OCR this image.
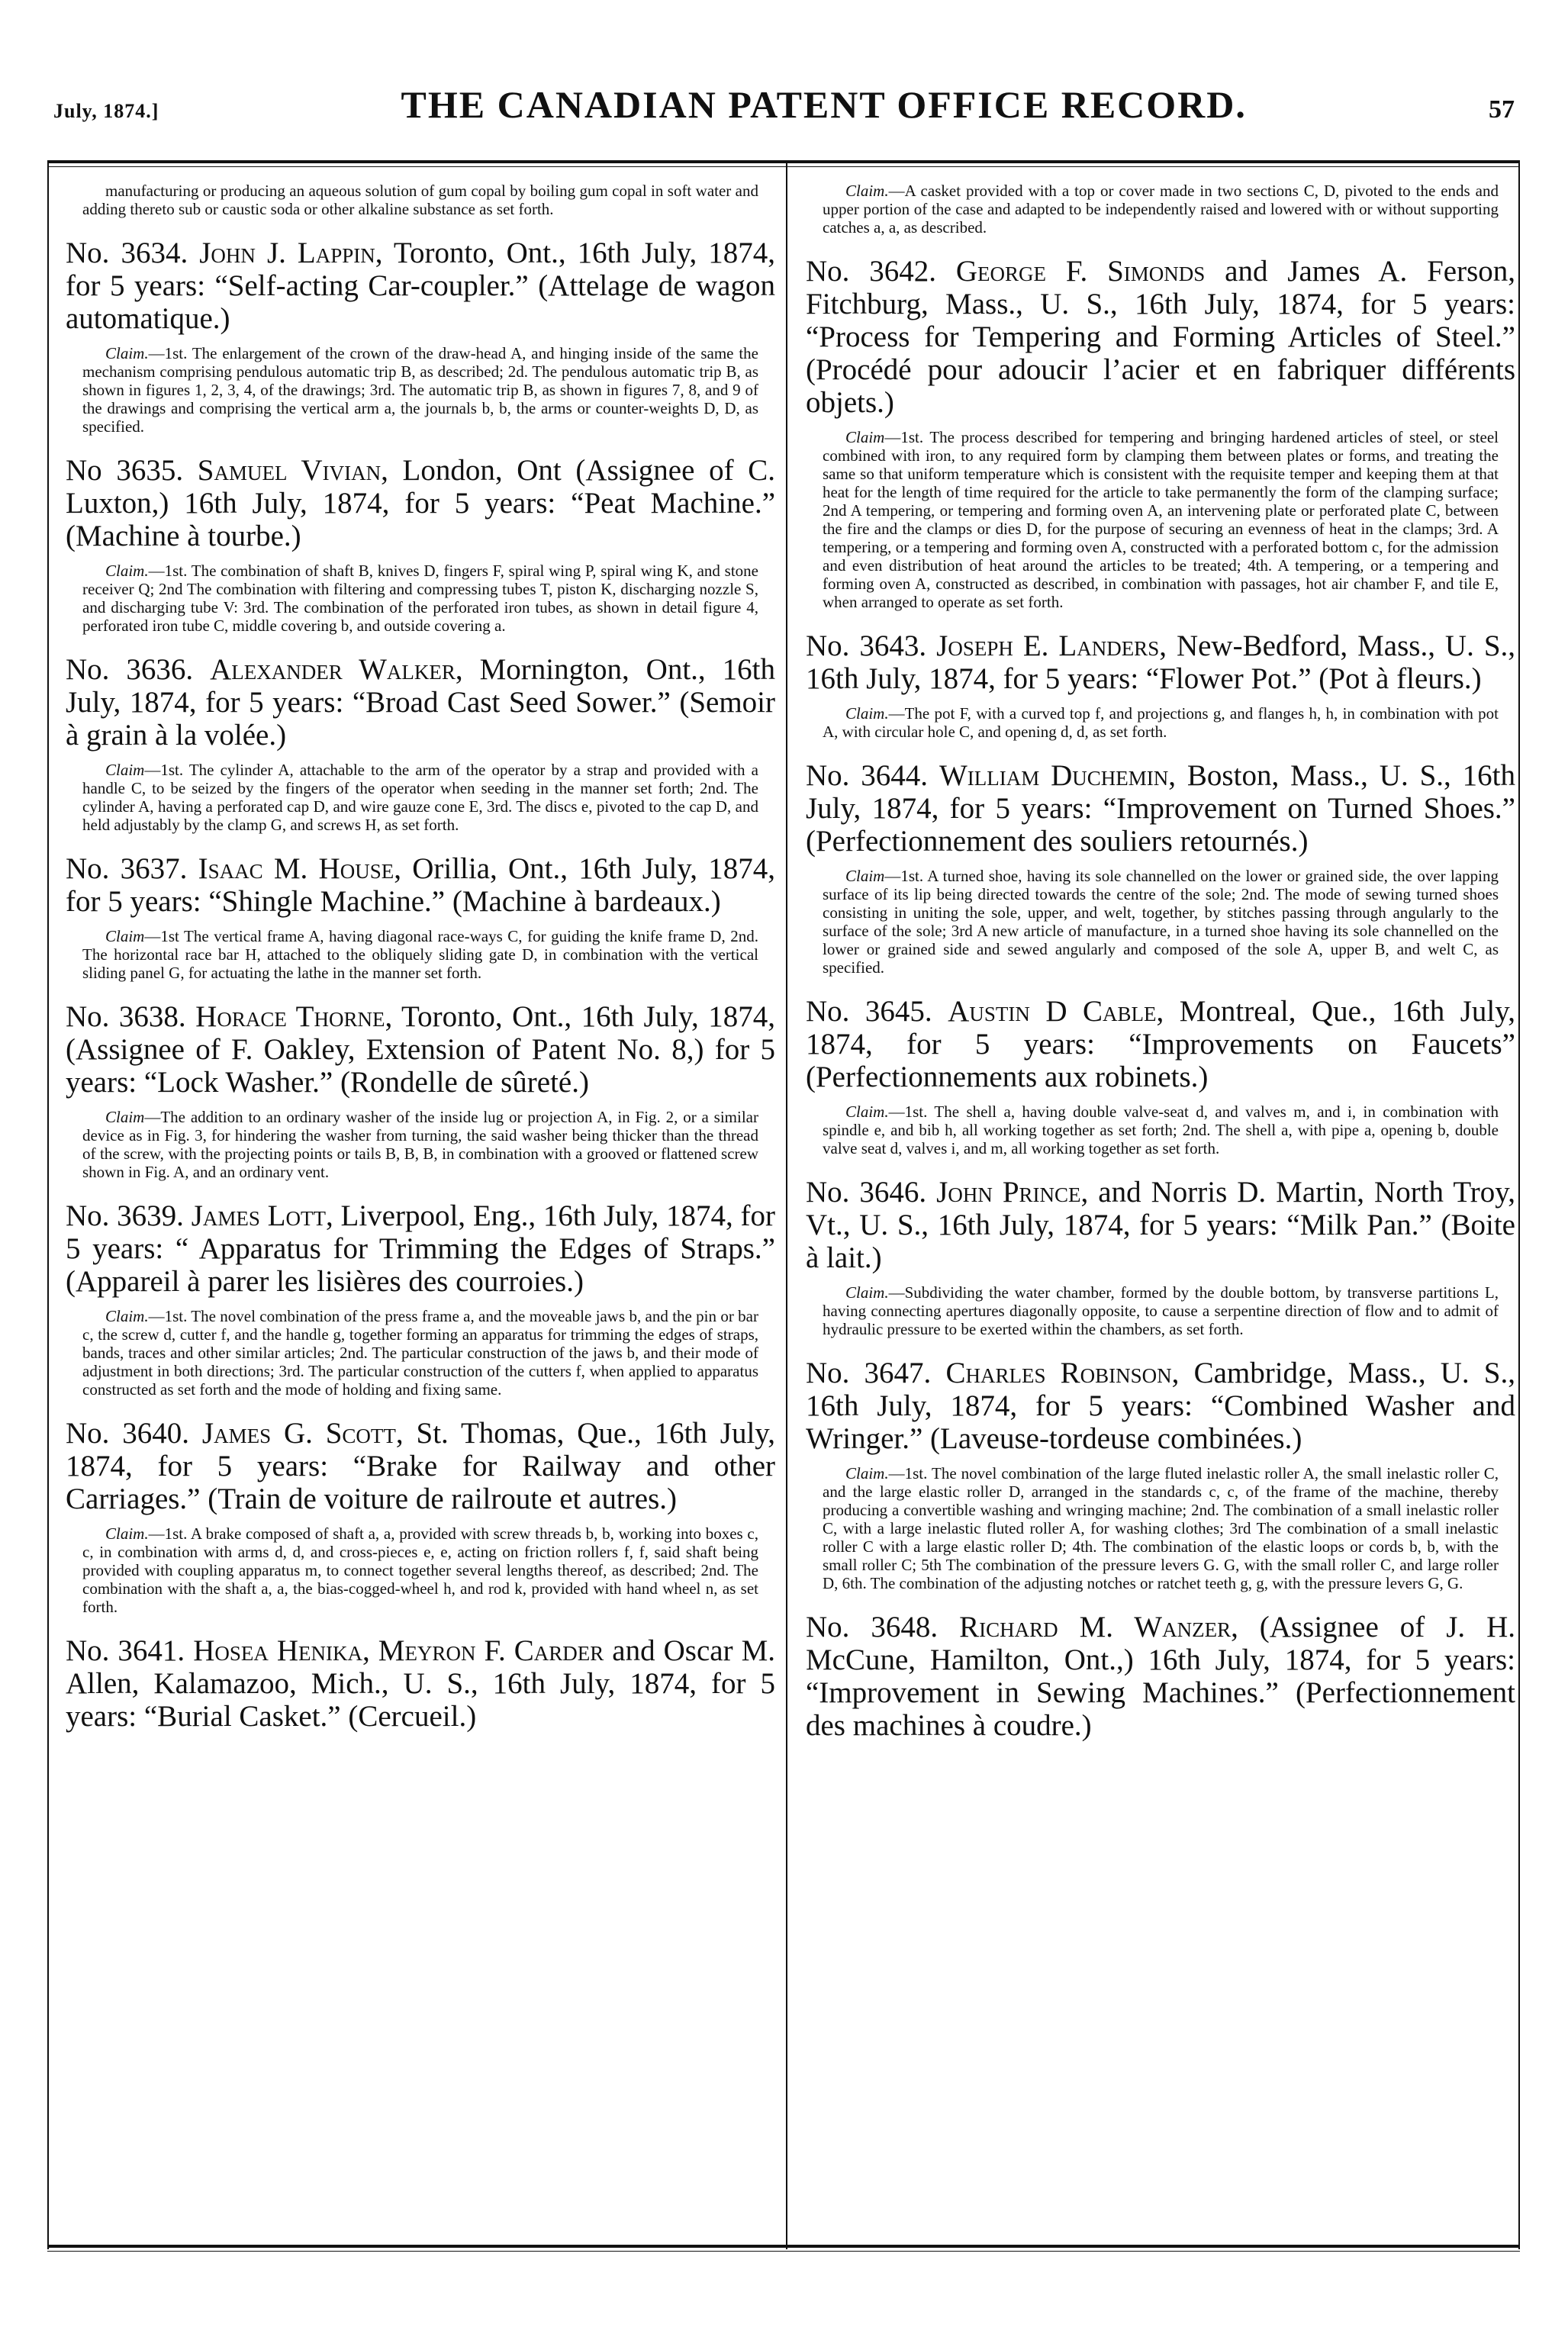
July, 1874.]	THE CANADIAN PATENT OFFICE RECORD.	57

manufacturing or producing an aqueous solution of gum copal by boiling gum copal in soft water and adding thereto sub or caustic soda or other alkaline substance as set forth.

No. 3634. John J. Lappin, Toronto, Ont., 16th July, 1874, for 5 years: “Self-acting Car-coupler.” (Attelage de wagon automatique.)

Claim.—1st. The enlargement of the crown of the draw-head A, and hinging inside of the same the mechanism comprising pendulous automatic trip B, as described; 2d. The pendulous automatic trip B, as shown in figures 1, 2, 3, 4, of the drawings; 3rd. The automatic trip B, as shown in figures 7, 8, and 9 of the drawings and comprising the vertical arm a, the journals b, b, the arms or counter-weights D, D, as specified.

No 3635. Samuel Vivian, London, Ont (Assignee of C. Luxton,) 16th July, 1874, for 5 years: “Peat Machine.” (Machine à tourbe.)

Claim.—1st. The combination of shaft B, knives D, fingers F, spiral wing P, spiral wing K, and stone receiver Q; 2nd The combination with filtering and compressing tubes T, piston K, discharging nozzle S, and discharging tube V: 3rd. The combination of the perforated iron tubes, as shown in detail figure 4, perforated iron tube C, middle covering b, and outside covering a.

No. 3636. Alexander Walker, Mornington, Ont., 16th July, 1874, for 5 years: “Broad Cast Seed Sower.” (Semoir à grain à la volée.)

Claim—1st. The cylinder A, attachable to the arm of the operator by a strap and provided with a handle C, to be seized by the fingers of the operator when seeding in the manner set forth; 2nd. The cylinder A, having a perforated cap D, and wire gauze cone E, 3rd. The discs e, pivoted to the cap D, and held adjustably by the clamp G, and screws H, as set forth.

No. 3637. Isaac M. House, Orillia, Ont., 16th July, 1874, for 5 years: “Shingle Machine.” (Machine à bardeaux.)

Claim—1st The vertical frame A, having diagonal race-ways C, for guiding the knife frame D, 2nd. The horizontal race bar H, attached to the obliquely sliding gate D, in combination with the vertical sliding panel G, for actuating the lathe in the manner set forth.

No. 3638. Horace Thorne, Toronto, Ont., 16th July, 1874, (Assignee of F. Oakley, Extension of Patent No. 8,) for 5 years: “Lock Washer.” (Rondelle de sûreté.)

Claim—The addition to an ordinary washer of the inside lug or projection A, in Fig. 2, or a similar device as in Fig. 3, for hindering the washer from turning, the said washer being thicker than the thread of the screw, with the projecting points or tails B, B, B, in combination with a grooved or flattened screw shown in Fig. A, and an ordinary vent.

No. 3639. James Lott, Liverpool, Eng., 16th July, 1874, for 5 years: “ Apparatus for Trimming the Edges of Straps.” (Appareil à parer les lisières des courroies.)

Claim.—1st. The novel combination of the press frame a, and the moveable jaws b, and the pin or bar c, the screw d, cutter f, and the handle g, together forming an apparatus for trimming the edges of straps, bands, traces and other similar articles; 2nd. The particular construction of the jaws b, and their mode of adjustment in both directions; 3rd. The particular construction of the cutters f, when applied to apparatus constructed as set forth and the mode of holding and fixing same.

No. 3640. James G. Scott, St. Thomas, Que., 16th July, 1874, for 5 years: “Brake for Railway and other Carriages.” (Train de voiture de railroute et autres.)

Claim.—1st. A brake composed of shaft a, a, provided with screw threads b, b, working into boxes c, c, in combination with arms d, d, and cross-pieces e, e, acting on friction rollers f, f, said shaft being provided with coupling apparatus m, to connect together several lengths thereof, as described; 2nd. The combination with the shaft a, a, the bias-cogged-wheel h, and rod k, provided with hand wheel n, as set forth.

No. 3641. Hosea Henika, Meyron F. Carder and Oscar M. Allen, Kalamazoo, Mich., U. S., 16th July, 1874, for 5 years: “Burial Casket.” (Cercueil.)

Claim.—A casket provided with a top or cover made in two sections C, D, pivoted to the ends and upper portion of the case and adapted to be independently raised and lowered with or without supporting catches a, a, as described.

No. 3642. George F. Simonds and James A. Ferson, Fitchburg, Mass., U. S., 16th July, 1874, for 5 years: “Process for Tempering and Forming Articles of Steel.” (Procédé pour adoucir l’acier et en fabriquer différents objets.)

Claim—1st. The process described for tempering and bringing hardened articles of steel, or steel combined with iron, to any required form by clamping them between plates or forms, and treating the same so that uniform temperature which is consistent with the requisite temper and keeping them at that heat for the length of time required for the article to take permanently the form of the clamping surface; 2nd A tempering, or tempering and forming oven A, an intervening plate or perforated plate C, between the fire and the clamps or dies D, for the purpose of securing an evenness of heat in the clamps; 3rd. A tempering, or a tempering and forming oven A, constructed with a perforated bottom c, for the admission and even distribution of heat around the articles to be treated; 4th. A tempering, or a tempering and forming oven A, constructed as described, in combination with passages, hot air chamber F, and tile E, when arranged to operate as set forth.

No. 3643. Joseph E. Landers, New-Bedford, Mass., U. S., 16th July, 1874, for 5 years: “Flower Pot.” (Pot à fleurs.)

Claim.—The pot F, with a curved top f, and projections g, and flanges h, h, in combination with pot A, with circular hole C, and opening d, d, as set forth.

No. 3644. William Duchemin, Boston, Mass., U. S., 16th July, 1874, for 5 years: “Improvement on Turned Shoes.” (Perfectionnement des souliers retournés.)

Claim—1st. A turned shoe, having its sole channelled on the lower or grained side, the over lapping surface of its lip being directed towards the centre of the sole; 2nd. The mode of sewing turned shoes consisting in uniting the sole, upper, and welt, together, by stitches passing through angularly to the surface of the sole; 3rd A new article of manufacture, in a turned shoe having its sole channelled on the lower or grained side and sewed angularly and composed of the sole A, upper B, and welt C, as specified.

No. 3645. Austin D Cable, Montreal, Que., 16th July, 1874, for 5 years: “Improvements on Faucets” (Perfectionnements aux robinets.)

Claim.—1st. The shell a, having double valve-seat d, and valves m, and i, in combination with spindle e, and bib h, all working together as set forth; 2nd. The shell a, with pipe a, opening b, double valve seat d, valves i, and m, all working together as set forth.

No. 3646. John Prince, and Norris D. Martin, North Troy, Vt., U. S., 16th July, 1874, for 5 years: “Milk Pan.” (Boite à lait.)

Claim.—Subdividing the water chamber, formed by the double bottom, by transverse partitions L, having connecting apertures diagonally opposite, to cause a serpentine direction of flow and to admit of hydraulic pressure to be exerted within the chambers, as set forth.

No. 3647. Charles Robinson, Cambridge, Mass., U. S., 16th July, 1874, for 5 years: “Combined Washer and Wringer.” (Laveuse-tordeuse combinées.)

Claim.—1st. The novel combination of the large fluted inelastic roller A, the small inelastic roller C, and the large elastic roller D, arranged in the standards c, c, of the frame of the machine, thereby producing a convertible washing and wringing machine; 2nd. The combination of a small inelastic roller C, with a large inelastic fluted roller A, for washing clothes; 3rd The combination of a small inelastic roller C with a large elastic roller D; 4th. The combination of the elastic loops or cords b, b, with the small roller C; 5th The combination of the pressure levers G. G, with the small roller C, and large roller D, 6th. The combination of the adjusting notches or ratchet teeth g, g, with the pressure levers G, G.

No. 3648. Richard M. Wanzer, (Assignee of J. H. McCune, Hamilton, Ont.,) 16th July, 1874, for 5 years: “Improvement in Sewing Machines.” (Perfectionnement des machines à coudre.)
